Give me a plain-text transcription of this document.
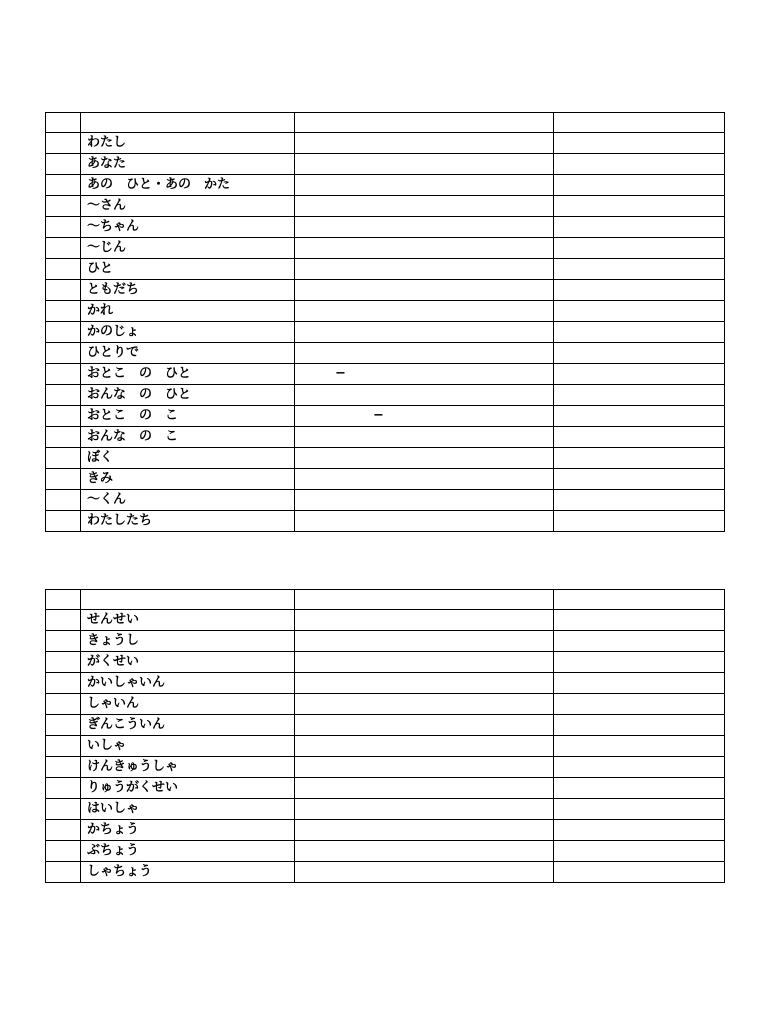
	わたし		
	あなた		
	あの　ひと・あの　かた		
	〜さん		
	〜ちゃん		
	〜じん		
	ひと		
	ともだち		
	かれ		
	かのじょ		
	ひとりで		
	おとこ　の　ひと	−	
	おんな　の　ひと		
	おとこ　の　こ	−	
	おんな　の　こ		
	ぼく		
	きみ		
	〜くん		
	わたしたち		

	せんせい		
	きょうし		
	がくせい		
	かいしゃいん		
	しゃいん		
	ぎんこういん		
	いしゃ		
	けんきゅうしゃ		
	りゅうがくせい		
	はいしゃ		
	かちょう		
	ぶちょう		
	しゃちょう		
